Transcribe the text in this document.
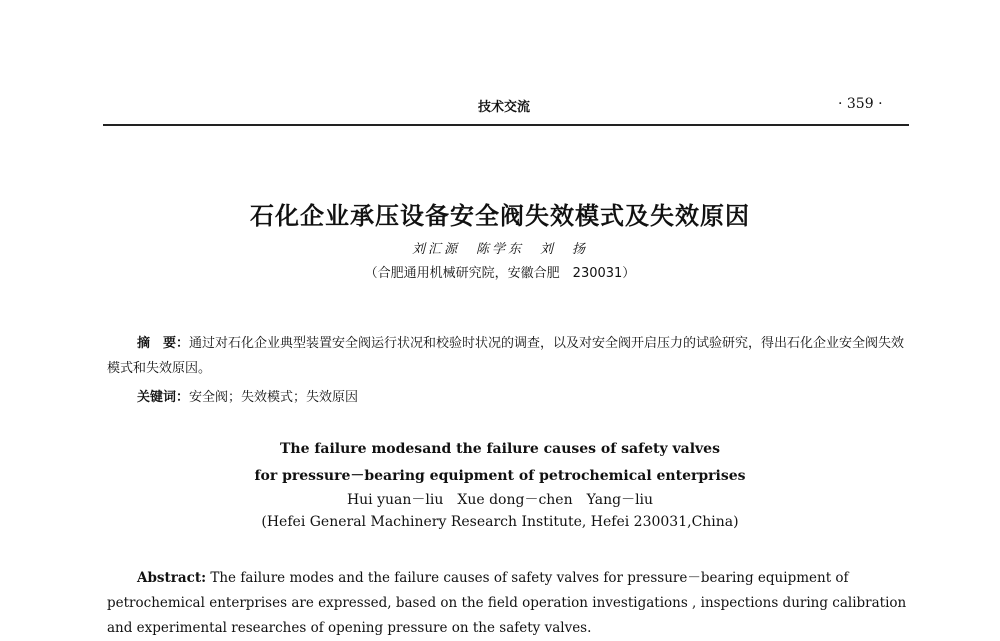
技术交流	· 359 ·
石化企业承压设备安全阀失效模式及失效原因
刘汇源　陈学东　刘　扬
（合肥通用机械研究院，安徽合肥　230031）
摘　要：通过对石化企业典型装置安全阀运行状况和校验时状况的调查，以及对安全阀开启压力的试验研究，得出石化企业安全阀失效模式和失效原因。
关键词：安全阀；失效模式；失效原因
The failure modesand the failure causes of safety valves
for pressure－bearing equipment of petrochemical enterprises
Hui yuan－liu　Xue dong－chen　Yang－liu
(Hefei General Machinery Research Institute, Hefei 230031,China)
Abstract: The failure modes and the failure causes of safety valves for pressure－bearing equipment of petrochemical enterprises are expressed, based on the field operation investigations , inspections during calibration and experimental researches of opening pressure on the safety valves.
